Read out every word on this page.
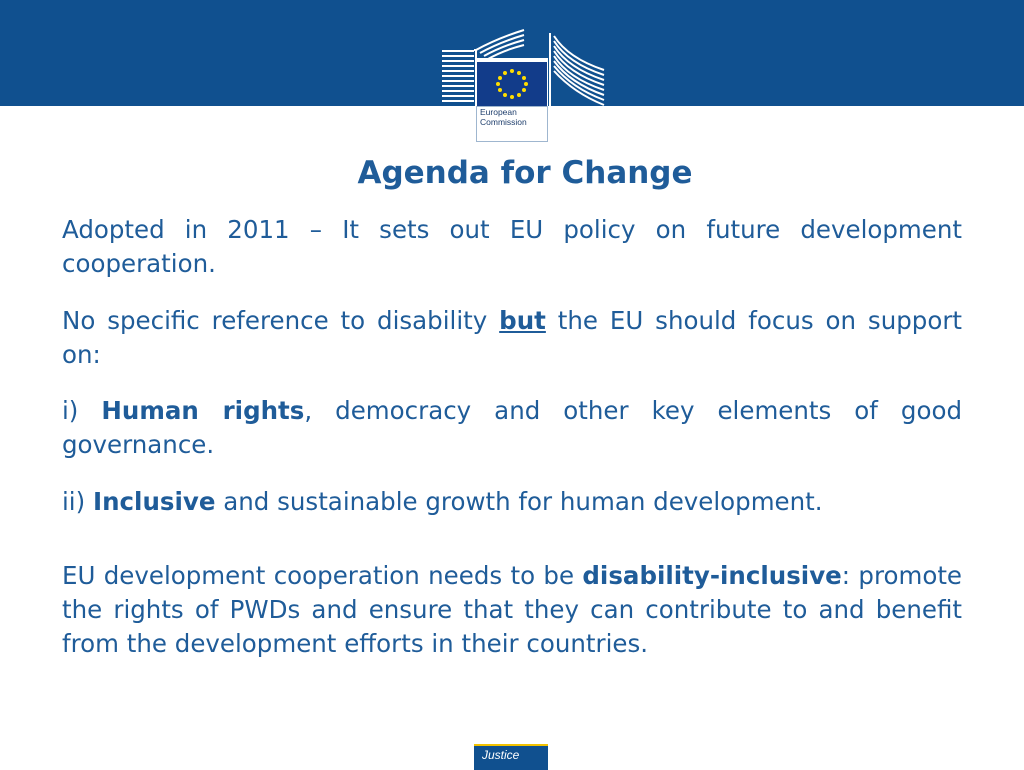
European
Commission
Agenda for Change

Adopted in 2011 – It sets out EU policy on future development cooperation.

No specific reference to disability but the EU should focus on support on:

i) Human rights, democracy and other key elements of good governance.

ii) Inclusive and sustainable growth for human development.

EU development cooperation needs to be disability-inclusive: promote the rights of PWDs and ensure that they can contribute to and benefit from the development efforts in their countries.

Justice
